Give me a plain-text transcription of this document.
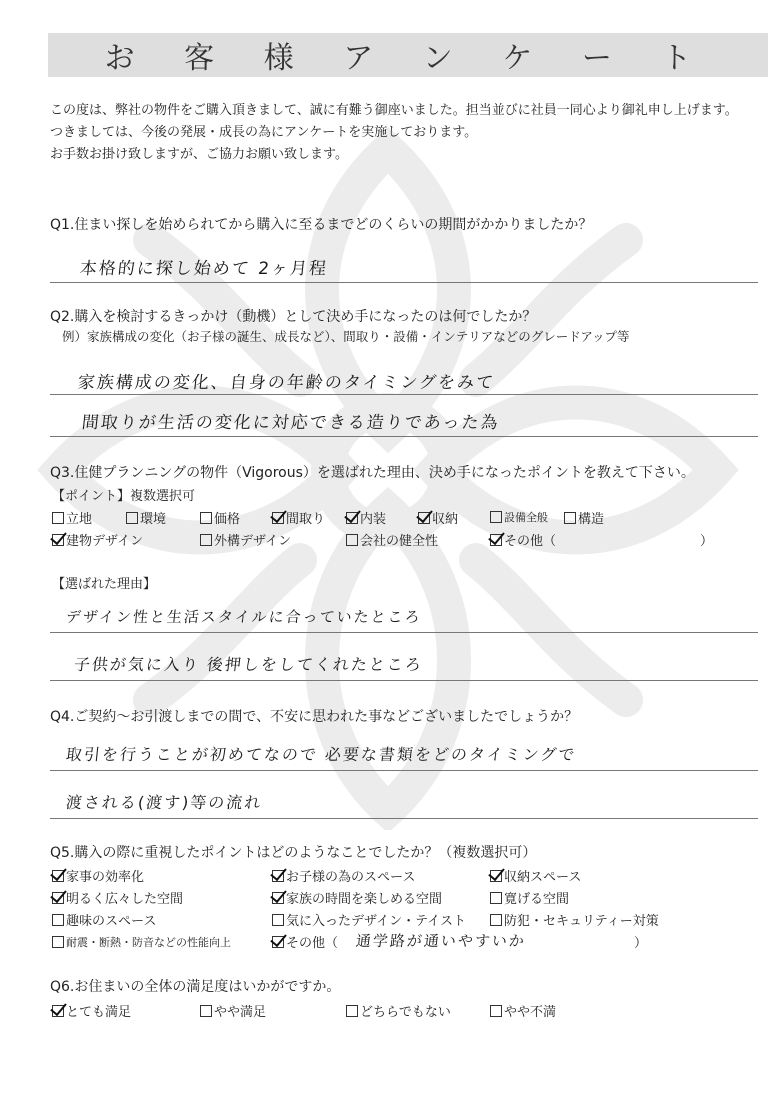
お 客 様 ア ン ケ ー ト
この度は、弊社の物件をご購入頂きまして、誠に有難う御座いました。担当並びに社員一同心より御礼申し上げます。
つきましては、今後の発展・成長の為にアンケートを実施しております。
お手数お掛け致しますが、ご協力お願い致します。
Q1.住まい探しを始められてから購入に至るまでどのくらいの期間がかかりましたか？
本格的に探し始めて 2ヶ月程
Q2.購入を検討するきっかけ（動機）として決め手になったのは何でしたか？
例）家族構成の変化（お子様の誕生、成長など）、間取り・設備・インテリアなどのグレードアップ等
家族構成の変化、自身の年齢のタイミングをみて
間取りが生活の変化に対応できる造りであった為
Q3.住健プランニングの物件（Vigorous）を選ばれた理由、決め手になったポイントを教えて下さい。
【ポイント】複数選択可
立地	環境	価格	間取り	内装	収納	設備全般 構造
建物デザイン	外構デザイン	会社の健全性	その他（	）
【選ばれた理由】
デザイン性と生活スタイルに合っていたところ
子供が気に入り 後押しをしてくれたところ
Q4.ご契約～お引渡しまでの間で、不安に思われた事などございましたでしょうか？
取引を行うことが初めてなので 必要な書類をどのタイミングで
渡される(渡す)等の流れ
Q5.購入の際に重視したポイントはどのようなことでしたか？（複数選択可）
家事の効率化	お子様の為のスペース	収納スペース
明るく広々した空間	家族の時間を楽しめる空間	寛げる空間
趣味のスペース	気に入ったデザイン・テイスト	防犯・セキュリティー対策
耐震・断熱・防音などの性能向上	その他（ 通学路が通いやすいか	）
Q6.お住まいの全体の満足度はいかがですか。
とても満足	やや満足	どちらでもない	やや不満
